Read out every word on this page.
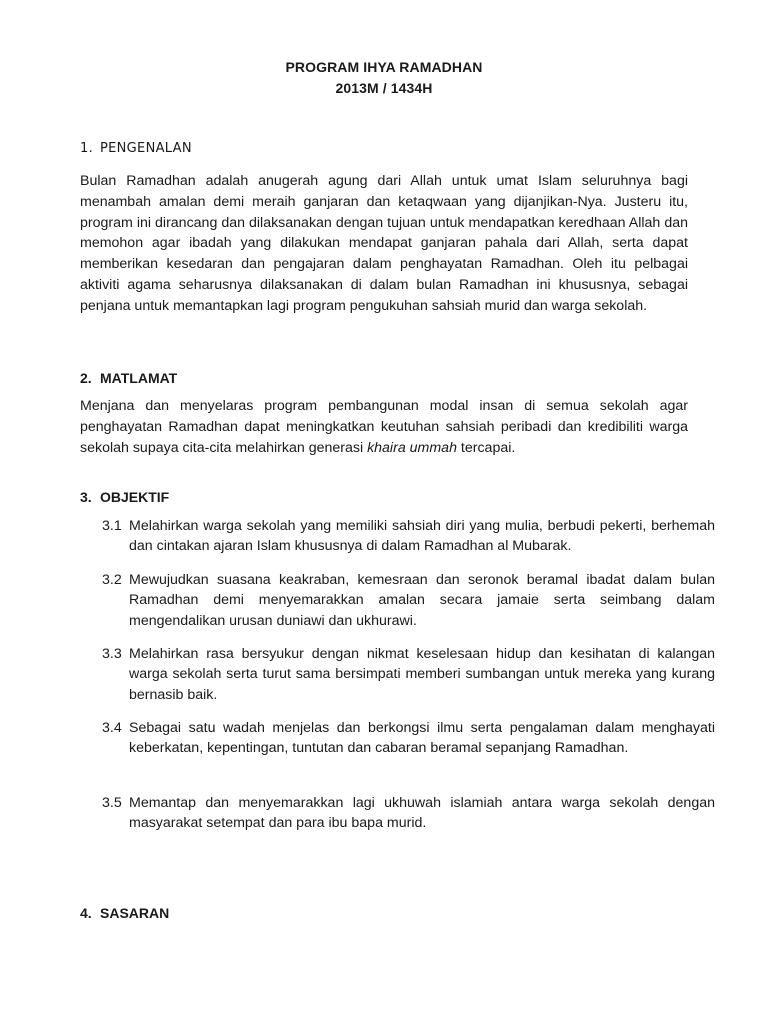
PROGRAM IHYA RAMADHAN
2013M / 1434H
1. PENGENALAN

Bulan Ramadhan adalah anugerah agung dari Allah untuk umat Islam seluruhnya bagi menambah amalan demi meraih ganjaran dan ketaqwaan yang dijanjikan-Nya. Justeru itu, program ini dirancang dan dilaksanakan dengan tujuan untuk mendapatkan keredhaan Allah dan memohon agar ibadah yang dilakukan mendapat ganjaran pahala dari Allah, serta dapat memberikan kesedaran dan pengajaran dalam penghayatan Ramadhan. Oleh itu pelbagai aktiviti agama seharusnya dilaksanakan di dalam bulan Ramadhan ini khususnya, sebagai penjana untuk memantapkan lagi program pengukuhan sahsiah murid dan warga sekolah.

2. MATLAMAT

Menjana dan menyelaras program pembangunan modal insan di semua sekolah agar penghayatan Ramadhan dapat meningkatkan keutuhan sahsiah peribadi dan kredibiliti warga sekolah supaya cita-cita melahirkan generasi khaira ummah tercapai.

3. OBJEKTIF

3.1 Melahirkan warga sekolah yang memiliki sahsiah diri yang mulia, berbudi pekerti, berhemah dan cintakan ajaran Islam khususnya di dalam Ramadhan al Mubarak.

3.2 Mewujudkan suasana keakraban, kemesraan dan seronok beramal ibadat dalam bulan Ramadhan demi menyemarakkan amalan secara jamaie serta seimbang dalam mengendalikan urusan duniawi dan ukhurawi.

3.3 Melahirkan rasa bersyukur dengan nikmat keselesaan hidup dan kesihatan di kalangan warga sekolah serta turut sama bersimpati memberi sumbangan untuk mereka yang kurang bernasib baik.

3.4 Sebagai satu wadah menjelas dan berkongsi ilmu serta pengalaman dalam menghayati keberkatan, kepentingan, tuntutan dan cabaran beramal sepanjang Ramadhan.

3.5 Memantap dan menyemarakkan lagi ukhuwah islamiah antara warga sekolah dengan masyarakat setempat dan para ibu bapa murid.

4. SASARAN
